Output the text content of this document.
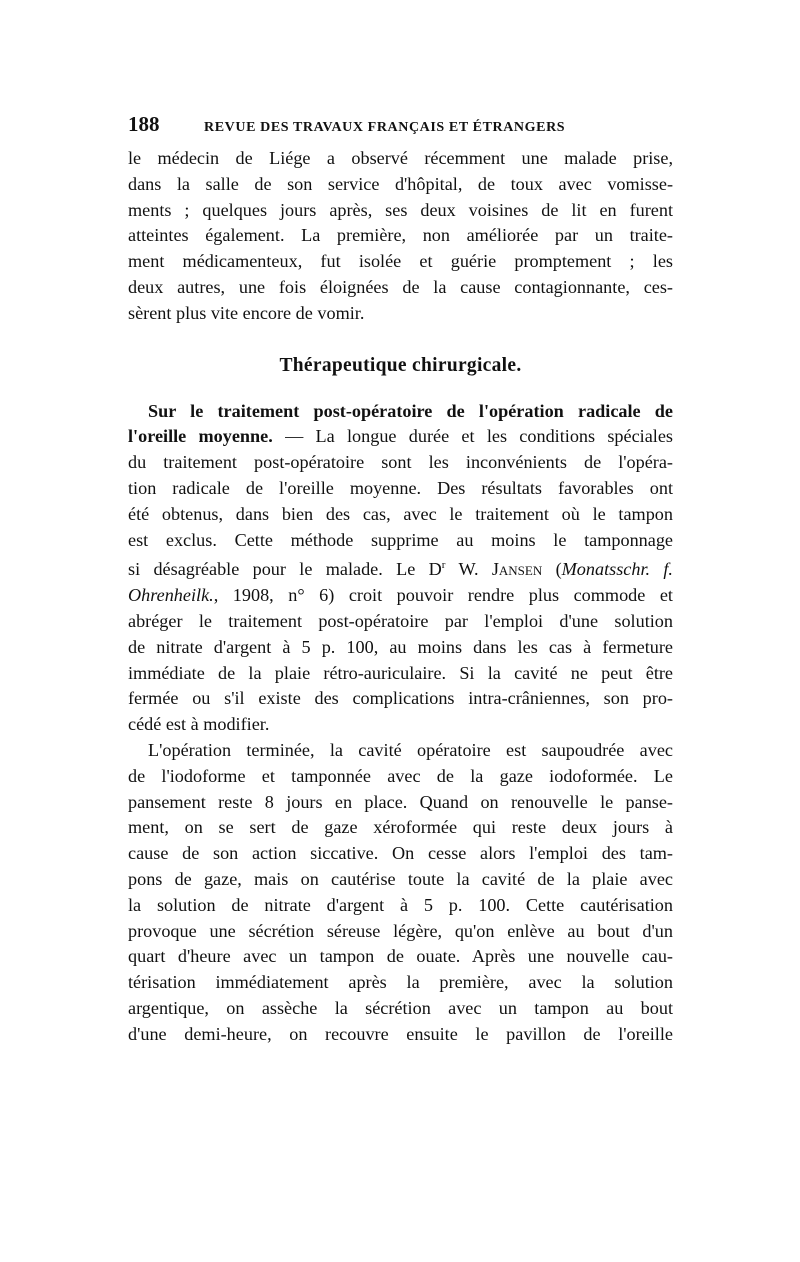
188	REVUE DES TRAVAUX FRANÇAIS ET ÉTRANGERS

le médecin de Liége a observé récemment une malade prise,
dans la salle de son service d'hôpital, de toux avec vomisse-
ments ; quelques jours après, ses deux voisines de lit en furent
atteintes également. La première, non améliorée par un traite-
ment médicamenteux, fut isolée et guérie promptement ; les
deux autres, une fois éloignées de la cause contagionnante, ces-
sèrent plus vite encore de vomir.

Thérapeutique chirurgicale.

Sur le traitement post-opératoire de l'opération radicale de
l'oreille moyenne. — La longue durée et les conditions spéciales
du traitement post-opératoire sont les inconvénients de l'opéra-
tion radicale de l'oreille moyenne. Des résultats favorables ont
été obtenus, dans bien des cas, avec le traitement où le tampon
est exclus. Cette méthode supprime au moins le tamponnage
si désagréable pour le malade. Le $D^r$ W. Jansen (Monatsschr. f.
Ohrenheilk., 1908, n° 6) croit pouvoir rendre plus commode et
abréger le traitement post-opératoire par l'emploi d'une solution
de nitrate d'argent à 5 p. 100, au moins dans les cas à fermeture
immédiate de la plaie rétro-auriculaire. Si la cavité ne peut être
fermée ou s'il existe des complications intra-crâniennes, son pro-
cédé est à modifier.

L'opération terminée, la cavité opératoire est saupoudrée avec
de l'iodoforme et tamponnée avec de la gaze iodoformée. Le
pansement reste 8 jours en place. Quand on renouvelle le panse-
ment, on se sert de gaze xéroformée qui reste deux jours à
cause de son action siccative. On cesse alors l'emploi des tam-
pons de gaze, mais on cautérise toute la cavité de la plaie avec
la solution de nitrate d'argent à 5 p. 100. Cette cautérisation
provoque une sécrétion séreuse légère, qu'on enlève au bout d'un
quart d'heure avec un tampon de ouate. Après une nouvelle cau-
térisation immédiatement après la première, avec la solution
argentique, on assèche la sécrétion avec un tampon au bout
d'une demi-heure, on recouvre ensuite le pavillon de l'oreille
